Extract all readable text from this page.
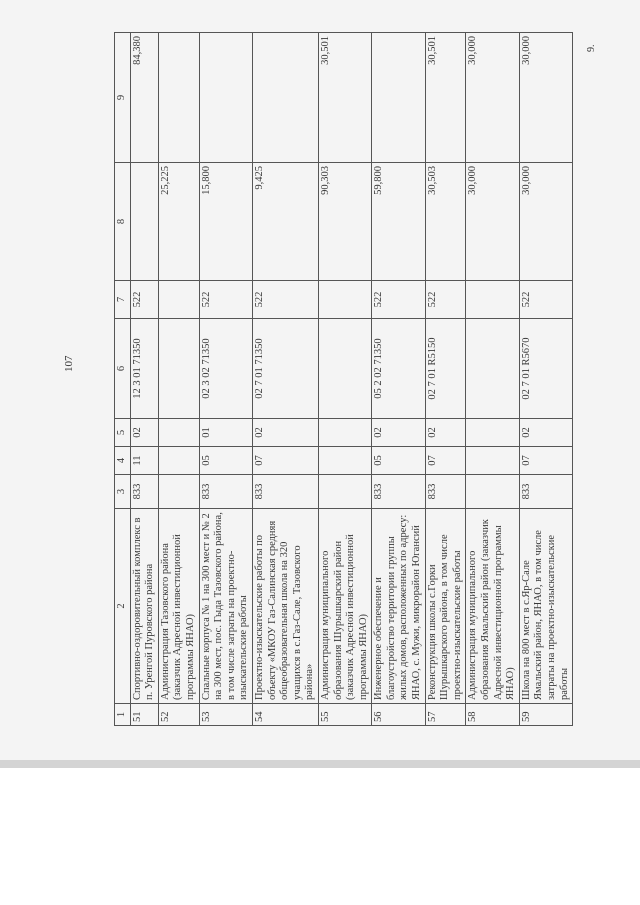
107
9.
1	2	3	4	5	6	7	8	9
51	Спортивно-оздоровительный комплекс в п. Уренгой Пуровского района	833	11	02	12 3 01 71350	522		84,380
52	Администрация Тазовского района (заказчик Адресной инвестиционной программы ЯНАО)						25,225	
53	Спальные корпуса № 1 на 300 мест и № 2 на 300 мест, пос. Гыда Тазовского района, в том числе затраты на проектно-изыскательские работы	833	05	01	02 3 02 71350	522	15,800	
54	Проектно-изыскательские работы по объекту «МКОУ Газ-Салинская средняя общеобразовательная школа на 320 учащихся в с.Газ-Сале, Тазовского района»	833	07	02	02 7 01 71350	522	9,425	
55	Администрация муниципального образования Шурышкарский район (заказчик Адресной инвестиционной программы ЯНАО)						90,303	30,501
56	Инженерное обеспечение и благоустройство территории группы жилых домов, расположенных по адресу: ЯНАО, с. Мужи, микрорайон Югансий	833	05	02	05 2 02 71350	522	59,800	
57	Реконструкция школы с.Горки Шурышкарского района, в том числе проектно-изыскательские работы	833	07	02	02 7 01 R5150	522	30,503	30,501
58	Администрация муниципального образования Ямальский район (заказчик Адресной инвестиционной программы ЯНАО)						30,000	30,000
59	Школа на 800 мест в с.Яр-Сале Ямальский район, ЯНАО, в том числе затраты на проектно-изыскательские работы	833	07	02	02 7 01 R5670	522	30,000	30,000
